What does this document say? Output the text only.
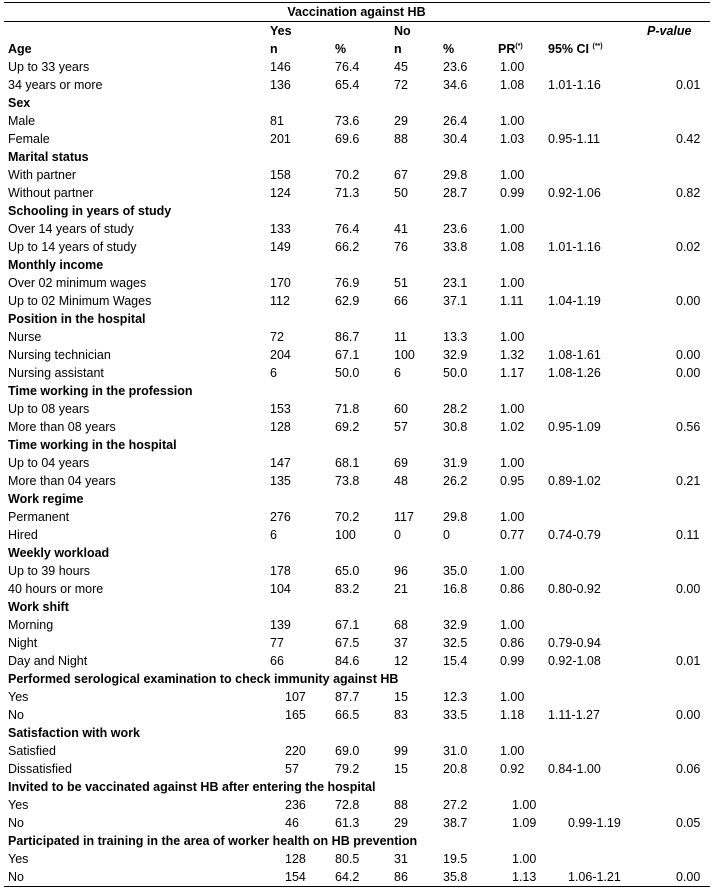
Vaccination against HB
Yes	No	P-value
Age	n	%	n	%	PR(*) 95% CI (**)
Up to 33 years	146	76.4	45	23.6	1.00
34 years or more	136	65.4	72	34.6	1.08 1.01-1.16	0.01
Sex
Male	81	73.6	29	26.4	1.00
Female	201	69.6	88	30.4	1.03 0.95-1.11	0.42
Marital status
With partner	158	70.2	67	29.8	1.00
Without partner	124	71.3	50	28.7	0.99 0.92-1.06	0.82
Schooling in years of study
Over 14 years of study	133	76.4	41	23.6	1.00
Up to 14 years of study	149	66.2	76	33.8	1.08 1.01-1.16	0.02
Monthly income
Over 02 minimum wages	170	76.9	51	23.1	1.00
Up to 02 Minimum Wages	112	62.9	66	37.1	1.11 1.04-1.19	0.00
Position in the hospital
Nurse	72	86.7	11	13.3	1.00
Nursing technician	204	67.1	100 32.9	1.32 1.08-1.61	0.00
Nursing assistant	6	50.0	6	50.0	1.17 1.08-1.26	0.00
Time working in the profession
Up to 08 years	153	71.8	60	28.2	1.00
More than 08 years	128	69.2	57	30.8	1.02 0.95-1.09	0.56
Time working in the hospital
Up to 04 years	147	68.1	69	31.9	1.00
More than 04 years	135	73.8	48	26.2	0.95 0.89-1.02	0.21
Work regime
Permanent	276	70.2	117 29.8	1.00
Hired	6	100	0	0	0.77 0.74-0.79	0.11
Weekly workload
Up to 39 hours	178	65.0	96	35.0	1.00
40 hours or more	104	83.2	21	16.8	0.86 0.80-0.92	0.00
Work shift
Morning	139	67.1	68	32.9	1.00
Night	77	67.5	37	32.5	0.86 0.79-0.94
Day and Night	66	84.6	12	15.4	0.99 0.92-1.08	0.01
Performed serological examination to check immunity against HB
Yes	107 87.7	15	12.3	1.00
No	165 66.5	83	33.5	1.18 1.11-1.27	0.00
Satisfaction with work
Satisfied	220 69.0	99	31.0	1.00
Dissatisfied	57	79.2	15	20.8	0.92 0.84-1.00	0.06
Invited to be vaccinated against HB after entering the hospital
Yes	236 72.8	88	27.2	1.00
No	46	61.3	29	38.7	1.09	0.99-1.19	0.05
Participated in training in the area of worker health on HB prevention
Yes	128 80.5	31	19.5	1.00
No	154 64.2	86	35.8	1.13	1.06-1.21	0.00
